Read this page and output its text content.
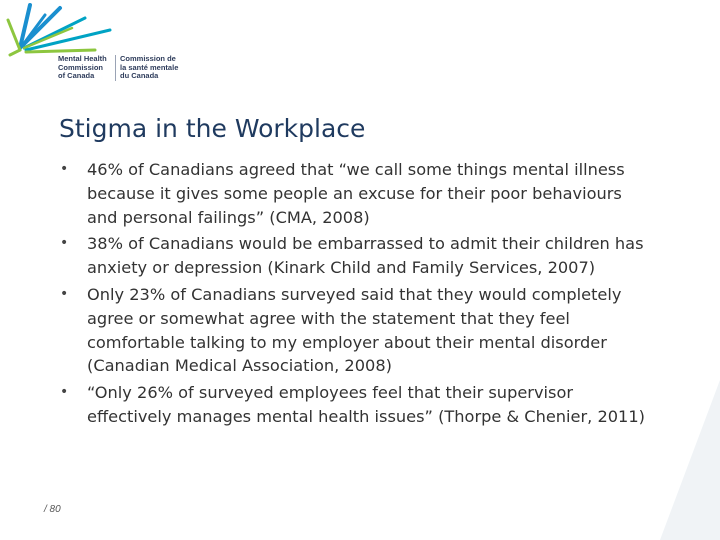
Mental Health
Commission
of Canada
Commission de
la santé mentale
du Canada
Stigma in the Workplace
• 46% of Canadians agreed that “we call some things mental illness because it gives some people an excuse for their poor behaviours and personal failings” (CMA, 2008)
• 38% of Canadians would be embarrassed to admit their children has anxiety or depression (Kinark Child and Family Services, 2007)
• Only 23% of Canadians surveyed said that they would completely agree or somewhat agree with the statement that they feel comfortable talking to my employer about their mental disorder (Canadian Medical Association, 2008)
• “Only 26% of surveyed employees feel that their supervisor effectively manages mental health issues” (Thorpe & Chenier, 2011)
/ 80
